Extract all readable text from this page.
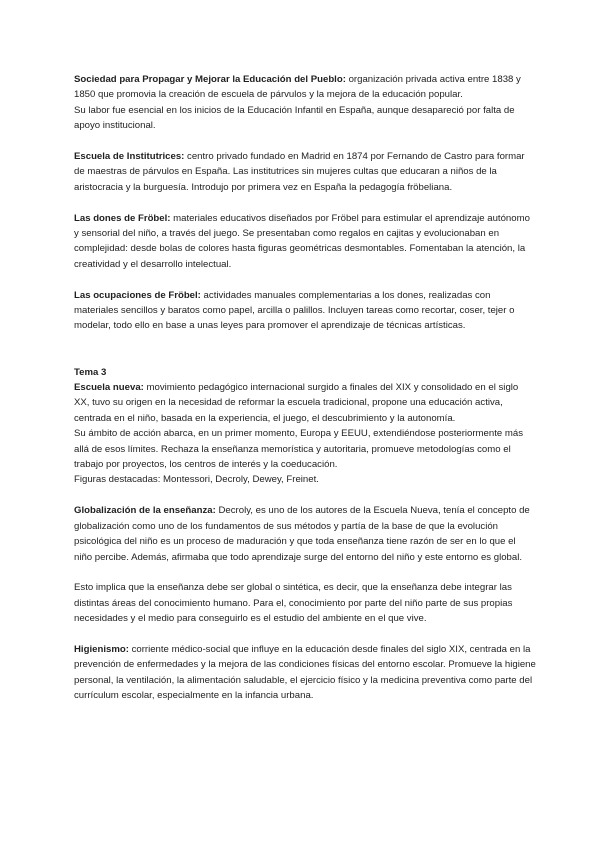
Sociedad para Propagar y Mejorar la Educación del Pueblo: organización privada activa entre 1838 y 1850 que promovia la creación de escuela de párvulos y la mejora de la educación popular.
Su labor fue esencial en los inicios de la Educación Infantil en España, aunque desapareció por falta de apoyo institucional.

Escuela de Institutrices: centro privado fundado en Madrid en 1874 por Fernando de Castro para formar de maestras de párvulos en España. Las institutrices sin mujeres cultas que educaran a niños de la aristocracia y la burguesía. Introdujo por primera vez en España la pedagogía fröbeliana.

Las dones de Fröbel: materiales educativos diseñados por Fröbel para estimular el aprendizaje autónomo y sensorial del niño, a través del juego. Se presentaban como regalos en cajitas y evolucionaban en complejidad: desde bolas de colores hasta figuras geométricas desmontables. Fomentaban la atención, la creatividad y el desarrollo intelectual.

Las ocupaciones de Fröbel: actividades manuales complementarias a los dones, realizadas con materiales sencillos y baratos como papel, arcilla o palillos. Incluyen tareas como recortar, coser, tejer o modelar, todo ello en base a unas leyes para promover el aprendizaje de técnicas artísticas.

Tema 3

Escuela nueva: movimiento pedagógico internacional surgido a finales del XIX y consolidado en el siglo XX, tuvo su origen en la necesidad de reformar la escuela tradicional, propone una educación activa, centrada en el niño, basada en la experiencia, el juego, el descubrimiento y la autonomía.
Su ámbito de acción abarca, en un primer momento, Europa y EEUU, extendiéndose posteriormente más allá de esos límites. Rechaza la enseñanza memorística y autoritaria, promueve metodologías como el trabajo por proyectos, los centros de interés y la coeducación.
Figuras destacadas: Montessori, Decroly, Dewey, Freinet.

Globalización de la enseñanza: Decroly, es uno de los autores de la Escuela Nueva, tenía el concepto de globalización como uno de los fundamentos de sus métodos y partía de la base de que la evolución psicológica del niño es un proceso de maduración y que toda enseñanza tiene razón de ser en lo que el niño percibe. Además, afirmaba que todo aprendizaje surge del entorno del niño y este entorno es global.

Esto implica que la enseñanza debe ser global o sintética, es decir, que la enseñanza debe integrar las distintas áreas del conocimiento humano. Para el, conocimiento por parte del niño parte de sus propias necesidades y el medio para conseguirlo es el estudio del ambiente en el que vive.

Higienismo: corriente médico-social que influye en la educación desde finales del siglo XIX, centrada en la prevención de enfermedades y la mejora de las condiciones físicas del entorno escolar. Promueve la higiene personal, la ventilación, la alimentación saludable, el ejercicio físico y la medicina preventiva como parte del currículum escolar, especialmente en la infancia urbana.
